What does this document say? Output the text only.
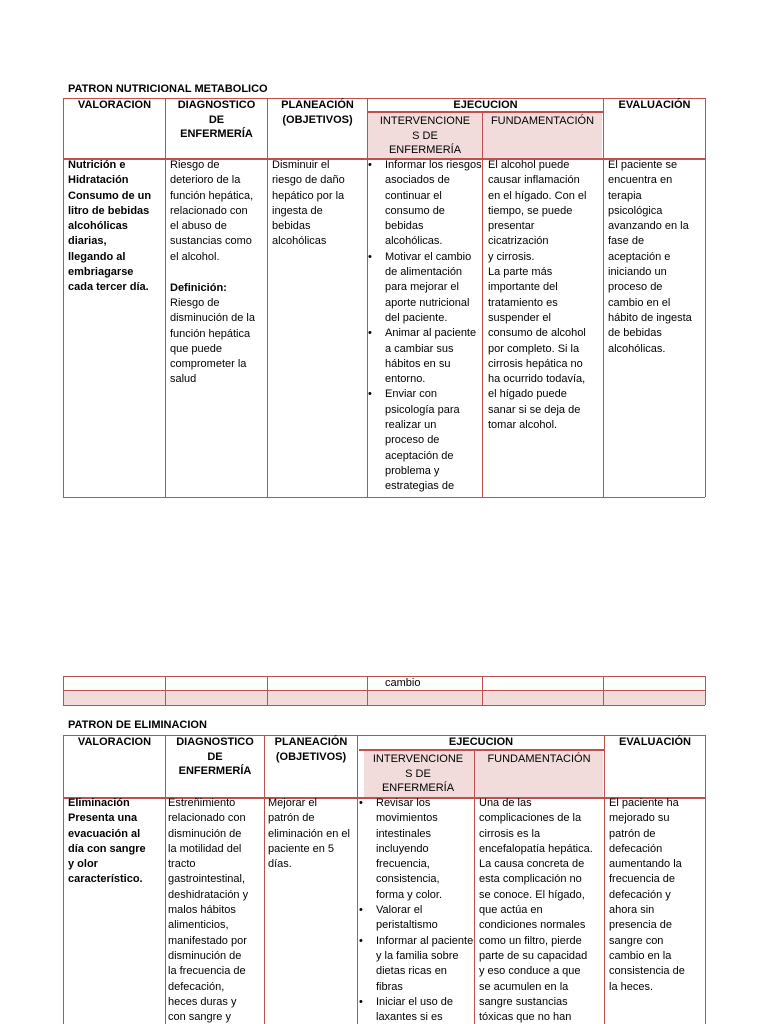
PATRON NUTRICIONAL METABOLICO
VALORACION	DIAGNOSTICO
DE
ENFERMERÍA
PLANEACIÓN
(OBJETIVOS)
EJECUCION
INTERVENCIONE
S DE
ENFERMERÍA
FUNDAMENTACIÓN
EVALUACIÓN
Nutrición e
Hidratación
Consumo de un
litro de bebidas
alcohólicas
diarias,
llegando al
embriagarse
cada tercer día.
Riesgo de
deterioro de la
función hepática,
relacionado con
el abuso de
sustancias como
el alcohol.
Definición:
Riesgo de
disminución de la
función hepática
que puede
comprometer la
salud
Disminuir el
riesgo de daño
hepático por la
ingesta de
bebidas
alcohólicas
• Informar los riesgos
asociados de
continuar el
consumo de
bebidas
alcohólicas.
• Motivar el cambio
de alimentación
para mejorar el
aporte nutricional
del paciente.
• Animar al paciente
a cambiar sus
hábitos en su
entorno.
• Enviar con
psicología para
realizar un
proceso de
aceptación de
problema y
estrategias de
El alcohol puede
causar inflamación
en el hígado. Con el
tiempo, se puede
presentar
cicatrización
y cirrosis.
La parte más
importante del
tratamiento es
suspender el
consumo de alcohol
por completo. Si la
cirrosis hepática no
ha ocurrido todavía,
el hígado puede
sanar si se deja de
tomar alcohol.
El paciente se
encuentra en
terapia
psicológica
avanzando en la
fase de
aceptación e
iniciando un
proceso de
cambio en el
hábito de ingesta
de bebidas
alcohólicas.
cambio
PATRON DE ELIMINACION
VALORACION	DIAGNOSTICO
DE
ENFERMERÍA
PLANEACIÓN
(OBJETIVOS)
EJECUCION
INTERVENCIONE
S DE
ENFERMERÍA
FUNDAMENTACIÓN
EVALUACIÓN
Eliminación
Presenta una
evacuación al
día con sangre
y olor
característico.
Estreñimiento
relacionado con
disminución de
la motilidad del
tracto
gastrointestinal,
deshidratación y
malos hábitos
alimenticios,
manifestado por
disminución de
la frecuencia de
defecación,
heces duras y
con sangre y
Mejorar el
patrón de
eliminación en el
paciente en 5
días.
• Revisar los
movimientos
intestinales
incluyendo
frecuencia,
consistencia,
forma y color.
• Valorar el
peristaltismo
• Informar al paciente
y la familia sobre
dietas ricas en
fibras
• Iniciar el uso de
laxantes si es
Una de las
complicaciones de la
cirrosis es la
encefalopatía hepática.
La causa concreta de
esta complicación no
se conoce. El hígado,
que actúa en
condiciones normales
como un filtro, pierde
parte de su capacidad
y eso conduce a que
se acumulen en la
sangre sustancias
tóxicas que no han
El paciente ha
mejorado su
patrón de
defecación
aumentando la
frecuencia de
defecación y
ahora sin
presencia de
sangre con
cambio en la
consistencia de
la heces.
